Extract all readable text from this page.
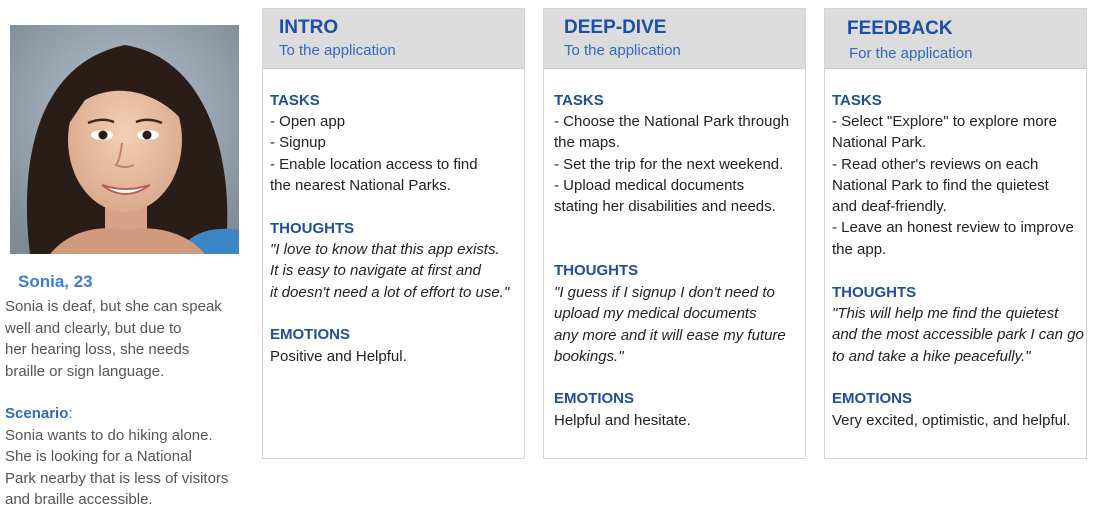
Sonia, 23

Sonia is deaf, but she can speak
well and clearly, but due to
her hearing loss, she needs
braille or sign language.

Scenario:

Sonia wants to do hiking alone.
She is looking for a National
Park nearby that is less of visitors
and braille accessible.

INTRO
To the application
TASKS
- Open app
- Signup
- Enable location access to find
the nearest National Parks.
THOUGHTS
"I love to know that this app exists.
It is easy to navigate at first and
it doesn't need a lot of effort to use."
EMOTIONS
Positive and Helpful.
DEEP-DIVE
To the application
TASKS
- Choose the National Park through
the maps.
- Set the trip for the next weekend.
- Upload medical documents
stating her disabilities and needs.
THOUGHTS
"I guess if I signup I don't need to
upload my medical documents
any more and it will ease my future
bookings."
EMOTIONS
Helpful and hesitate.
FEEDBACK
For the application
TASKS
- Select "Explore" to explore more
National Park.
- Read other's reviews on each
National Park to find the quietest
and deaf-friendly.
- Leave an honest review to improve
the app.
THOUGHTS
"This will help me find the quietest
and the most accessible park I can go
to and take a hike peacefully."
EMOTIONS
Very excited, optimistic, and helpful.
